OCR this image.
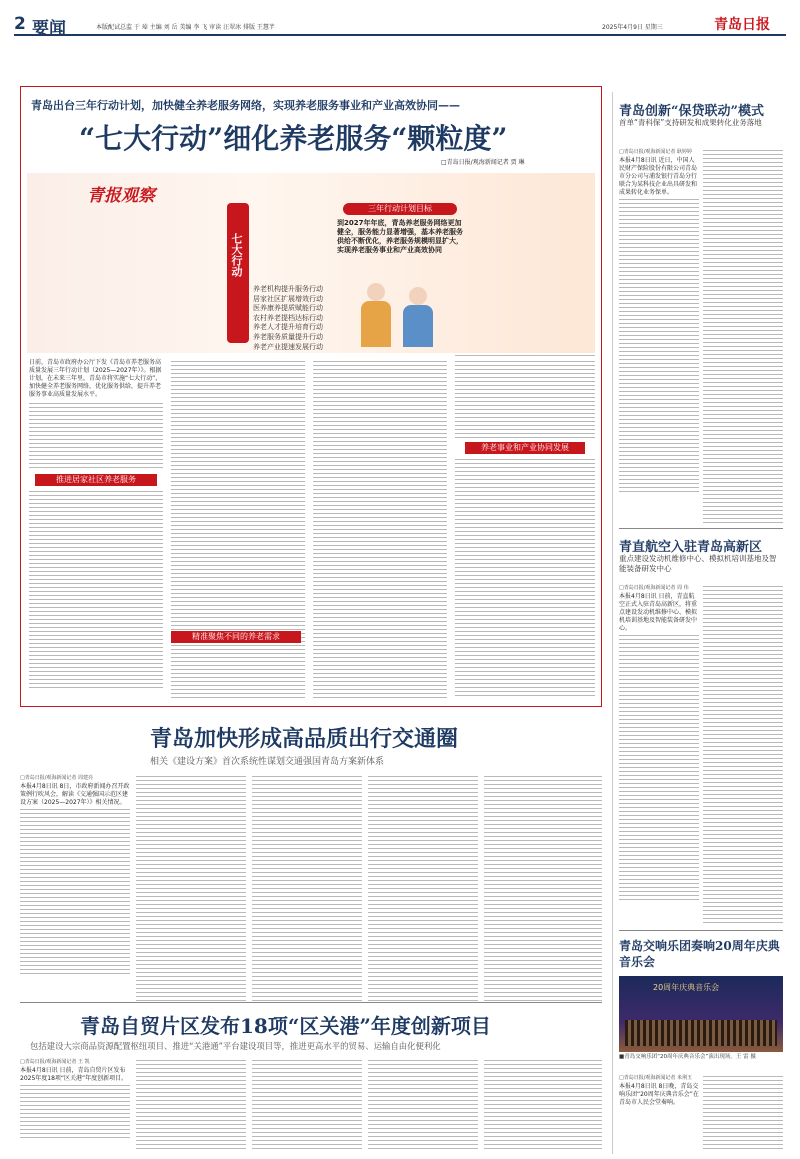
2 要闻	本版配试总监 于 琸 主编 刘 岳 美编 李 飞 审读 汪翠冰 排版 王慧芊	2025年4月9日 星期三	青岛日报
青岛出台三年行动计划，加快健全养老服务网络，实现养老服务事业和产业高效协同——
“七大行动”细化养老服务“颗粒度”
□青岛日报/观海新闻记者 贾 琳
青报观察
七大行动
三年行动计划目标
到2027年年底，青岛养老服务网络更加健全，服务能力显著增强，基本养老服务供给不断优化，养老服务规模明显扩大，实现养老服务事业和产业高效协同
养老机构提升服务行动
居家社区扩展增效行动
医养康养提质赋能行动
农村养老提档达标行动
养老人才提升培育行动
养老服务质量提升行动
养老产业提速发展行动
日前，青岛市政府办公厅下发《青岛市养老服务高质量发展三年行动计划（2025—2027年）》。根据计划，在未来三年里，青岛市将实施“七大行动”，加快健全养老服务网络，优化服务供给，提升养老服务事业高质量发展水平。
推进居家社区养老服务
养老事业和产业协同发展
精准聚焦不同的养老需求
青岛加快形成高品质出行交通圈
相关《建设方案》首次系统性谋划交通强国青岛方案新体系
□青岛日报/观海新闻记者 周建亮
本报4月8日讯 8日，市政府新闻办召开政策例行吹风会，解读《交通强国示范区建设方案（2025—2027年）》相关情况。
青岛自贸片区发布18项“区关港”年度创新项目
包括建设大宗商品资源配置枢纽项目、推进“关港通”平台建设项目等，推进更高水平的贸易、运输自由化便利化
□青岛日报/观海新闻记者 王 凯
本报4月8日讯 日前，青岛自贸片区发布2025年度18项“区关港”年度创新项目。
青岛创新“保贷联动”模式
首单“青科保”支持研发和成果转化业务落地
□青岛日报/观海新闻记者 耿婷婷
本报4月8日讯 近日，中国人民财产保险股份有限公司青岛市分公司与浦发银行青岛分行联合为某科技企业出具研发和成果转化业务保单。
青直航空入驻青岛高新区
重点建设发动机维修中心、模拟机培训基地及智能装备研发中心
□青岛日报/观海新闻记者 周 伟
本报4月8日讯 日前，青直航空正式入驻青岛高新区，将重点建设发动机维修中心、模拟机培训基地及智能装备研发中心。
青岛交响乐团奏响20周年庆典音乐会
20周年庆典音乐会
■青岛交响乐团“20周年庆典音乐会”演出现场。王 雷 摄
□青岛日报/观海新闻记者 米荆玉
本报4月8日讯 8日晚，青岛交响乐团“20周年庆典音乐会”在青岛市人民会堂奏响。
